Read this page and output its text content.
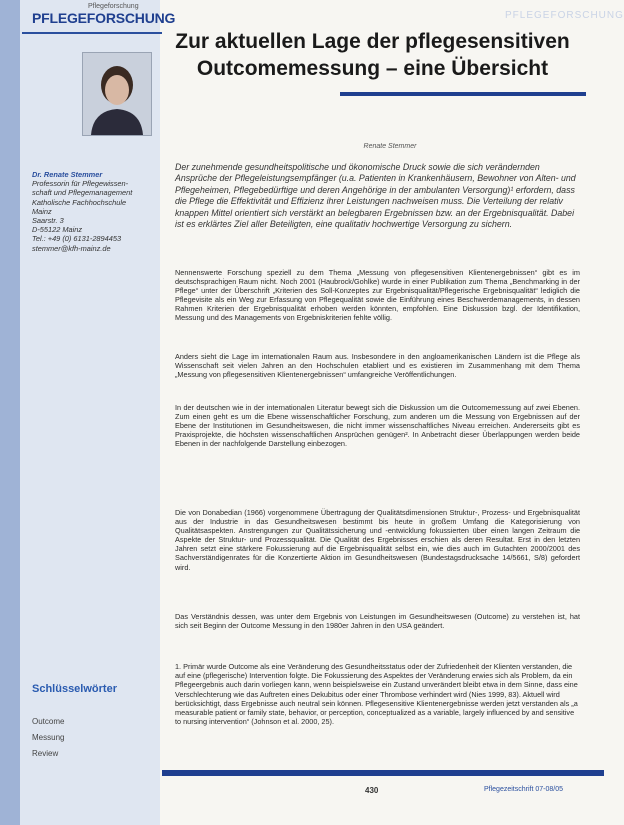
Pflegeforschung
PFLEGEFORSCHUNG	PFLEGEFORSCHUNG
Dr. Renate Stemmer
Professorin für Pflegewissen-
schaft und Pflegemanagement
Katholische Fachhochschule
Mainz
Saarstr. 3
D-55122 Mainz
Tel.: +49 (0) 6131-2894453
stemmer@kfh-mainz.de
Schlüsselwörter
Outcome
Messung
Review
Zur aktuellen Lage der pflegesensitiven Outcomemessung – eine Übersicht
Renate Stemmer
Der zunehmende gesundheitspolitische und ökonomische Druck sowie die sich verändernden Ansprüche der Pflegeleistungsempfänger (u.a. Patienten in Krankenhäusern, Bewohner von Alten- und Pflegeheimen, Pflegebedürftige und deren Angehörige in der ambulanten Versorgung)¹ erfordern, dass die Pflege die Effektivität und Effizienz ihrer Leistungen nachweisen muss. Die Verteilung der relativ knappen Mittel orientiert sich verstärkt an belegbaren Ergebnissen bzw. an der Ergebnisqualität. Dabei ist es erklärtes Ziel aller Beteiligten, eine qualitativ hochwertige Versorgung zu sichern.
Nennenswerte Forschung speziell zu dem Thema „Messung von pflegesensitiven Klientenergebnissen“ gibt es im deutschsprachigen Raum nicht. Noch 2001 (Haubrock/Gohlke) wurde in einer Publikation zum Thema „Benchmarking in der Pflege“ unter der Überschrift „Kriterien des Soll-Konzeptes zur Ergebnisqualität/Pflegerische Ergebnisqualität“ lediglich die Pflegevisite als ein Weg zur Erfassung von Pflegequalität sowie die Einführung eines Beschwerdemanagements, in dessen Rahmen Kriterien der Ergebnisqualität erhoben werden könnten, empfohlen. Eine Diskussion bzgl. der Identifikation, Messung und des Managements von Ergebniskriterien fehlte völlig.
Anders sieht die Lage im internationalen Raum aus. Insbesondere in den angloamerikanischen Ländern ist die Pflege als Wissenschaft seit vielen Jahren an den Hochschulen etabliert und es existieren im Zusammenhang mit dem Thema „Messung von pflegesensitiven Klientenergebnissen“ umfangreiche Veröffentlichungen.
In der deutschen wie in der internationalen Literatur bewegt sich die Diskussion um die Outcomemessung auf zwei Ebenen. Zum einen geht es um die Ebene wissenschaftlicher Forschung, zum anderen um die Messung von Ergebnissen auf der Ebene der Institutionen im Gesundheitswesen, die nicht immer wissenschaftliches Niveau erreichen. Andererseits gibt es Praxisprojekte, die höchsten wissenschaftlichen Ansprüchen genügen². In Anbetracht dieser Überlappungen werden beide Ebenen in der nachfolgende Darstellung einbezogen.
Die von Donabedian (1966) vorgenommene Übertragung der Qualitätsdimensionen Struktur-, Prozess- und Ergebnisqualität aus der Industrie in das Gesundheitswesen bestimmt bis heute in großem Umfang die Kategorisierung von Qualitätsaspekten. Anstrengungen zur Qualitätssicherung und -entwicklung fokussierten über einen langen Zeitraum die Aspekte der Struktur- und Prozessqualität. Die Qualität des Ergebnisses erschien als deren Resultat. Erst in den letzten Jahren setzt eine stärkere Fokussierung auf die Ergebnisqualität selbst ein, wie dies auch im Gutachten 2000/2001 des Sachverständigenrates für die Konzertierte Aktion im Gesundheitswesen (Bundestagsdrucksache 14/5661, S/8) gefordert wird.
Das Verständnis dessen, was unter dem Ergebnis von Leistungen im Gesundheitswesen (Outcome) zu verstehen ist, hat sich seit Beginn der Outcome Messung in den 1980er Jahren in den USA geändert.
1. Primär wurde Outcome als eine Veränderung des Gesundheitsstatus oder der Zufriedenheit der Klienten verstanden, die auf eine (pflegerische) Intervention folgte. Die Fokussierung des Aspektes der Veränderung erwies sich als Problem, da ein Pflegeergebnis auch darin vorliegen kann, wenn beispielsweise ein Zustand unverändert bleibt etwa in dem Sinne, dass eine Verschlechterung wie das Auftreten eines Dekubitus oder einer Thrombose verhindert wird (Nies 1999, 83). Aktuell wird berücksichtigt, dass Ergebnisse auch neutral sein können. Pflegesensitive Klientenergebnisse werden jetzt verstanden als „a measurable patient or family state, behavior, or perception, conceptualized as a variable, largely influenced by and sensitive to nursing intervention“ (Johnson et al. 2000, 25).
430	Pflegezeitschrift 07-08/05
